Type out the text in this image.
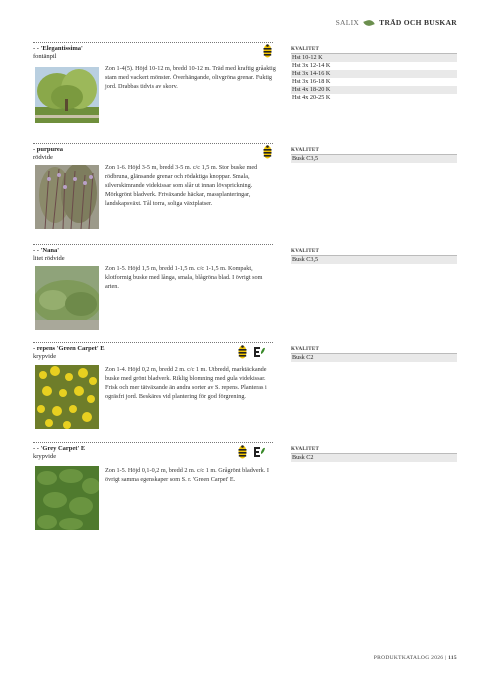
SALIX	TRÄD OCH BUSKAR
- - 'Elegantissima'
fontänpil
Zon 1-4(5). Höjd 10-12 m, bredd 10-12 m. Träd med kraftig gråaktig stam med vackert mönster. Överhängande, olivgröna grenar. Fuktig jord. Drabbas tidvis av skorv.
KVALITET
Hst 10-12 K
Hst 3x 12-14 K
Hst 3x 14-16 K
Hst 3x 16-18 K
Hst 4x 18-20 K
Hst 4x 20-25 K
- purpurea
rödvide
Zon 1-6. Höjd 3-5 m, bredd 3-5 m. c/c 1,5 m. Stor buske med rödbruna, glänsande grenar och rödaktiga knoppar. Smala, silverskimrande videkissar som slår ut innan lövsprickning. Mörkgrönt bladverk. Friväxande häckar, massplanteringar, landskapsväxt. Tål torra, soliga växtplatser.
KVALITET
Busk C3,5
- - 'Nana'
litet rödvide
Zon 1-5. Höjd 1,5 m, bredd 1-1,5 m. c/c 1-1,5 m. Kompakt, klotformig buske med långa, smala, blågröna blad. I övrigt som arten.
KVALITET
Busk C3,5
- repens 'Green Carpet' E
krypvide
Zon 1-4. Höjd 0,2 m, bredd 2 m. c/c 1 m. Utbredd, marktäckande buske med grönt bladverk. Riklig blomning med gula videkissar. Frisk och mer tätväxande än andra sorter av S. repens. Planteras i ogräsfri jord. Beskäres vid plantering för god förgrening.
KVALITET
Busk C2
- - 'Grey Carpet' E
krypvide
Zon 1-5. Höjd 0,1-0,2 m, bredd 2 m. c/c 1 m. Grågrönt bladverk. I övrigt samma egenskaper som S. r. 'Green Carpet' E.
KVALITET
Busk C2
PRODUKTKATALOG 2026 | 115
